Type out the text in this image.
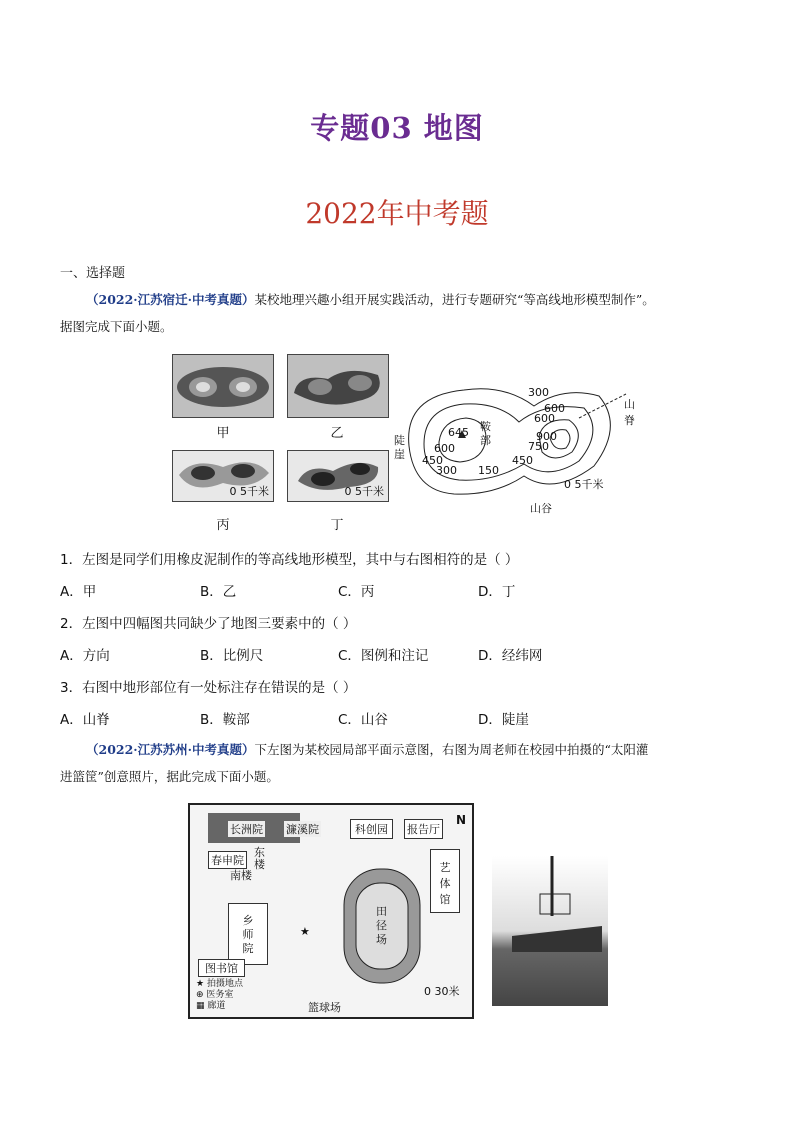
专题03 地图
2022年中考题
一、选择题
（2022·江苏宿迁·中考真题）某校地理兴趣小组开展实践活动，进行专题研究“等高线地形模型制作”。
据图完成下面小题。
甲	乙
0 5千米
丙
0 5千米
丁
山脊
鞍部
山谷
陡崖
0 5千米
645
600
450
300 150
600
750
900
600
450
300
1．左图是同学们用橡皮泥制作的等高线地形模型，其中与右图相符的是（ ）
A．甲	B．乙	C．丙	D．丁
2．左图中四幅图共同缺少了地图三要素中的（ ）
A．方向	B．比例尺	C．图例和注记	D．经纬网
3．右图中地形部位有一处标注存在错误的是（ ）
A．山脊	B．鞍部	C．山谷	D．陡崖
（2022·江苏苏州·中考真题）下左图为某校园局部平面示意图，右图为周老师在校园中拍摄的“太阳灌
进篮筐”创意照片，据此完成下面小题。
长洲院 濂溪院	科创园	报告厅
N
春申院
东楼
南楼
艺体馆
乡师院
田径场
图书馆
★ 拍摄地点
⊕ 医务室
▦ 廊道	篮球场
0 30米
★
